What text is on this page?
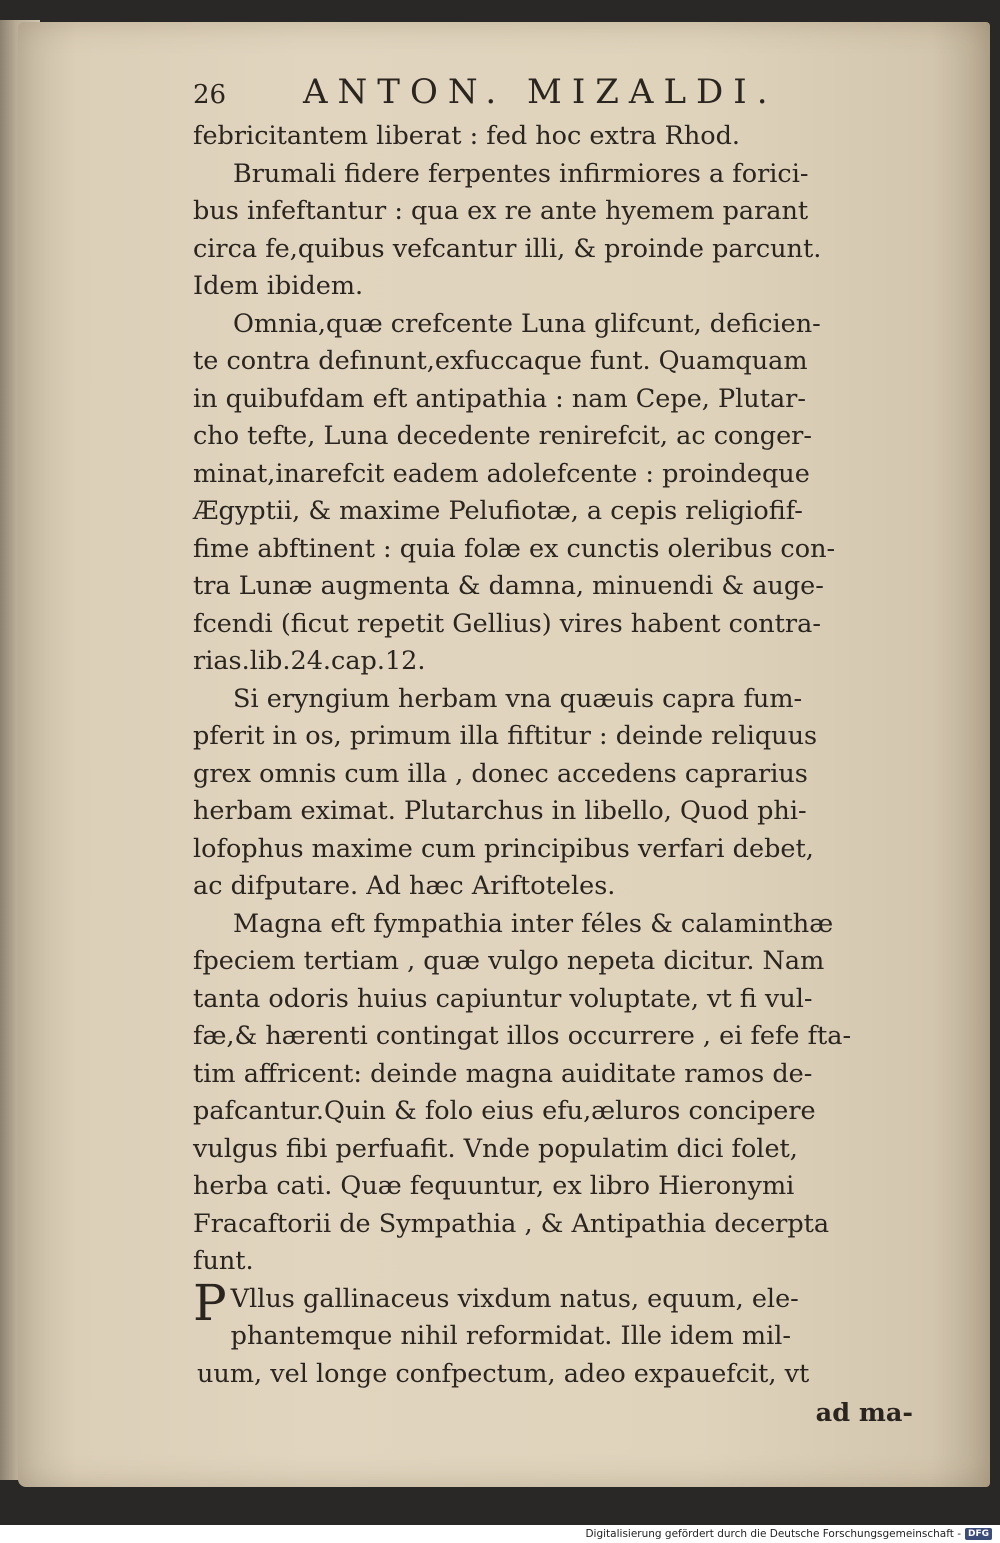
26	ANTON. MIZALDI.

febricitantem liberat : fed hoc extra Rhod.

Brumali fidere ferpentes infirmiores a forici-
bus infeftantur : qua ex re ante hyemem parant
circa fe,quibus vefcantur illi, & proinde parcunt.
Idem ibidem.

Omnia,quæ crefcente Luna glifcunt, deficien-
te contra defınunt,exfuccaque funt. Quamquam
in quibufdam eft antipathia : nam Cepe, Plutar-
cho tefte, Luna decedente renirefcit, ac conger-
minat,inarefcit eadem adolefcente : proindeque
Ægyptii, & maxime Pelufiotæ, a cepis religiofif-
fime abftinent : quia folæ ex cunctis oleribus con-
tra Lunæ augmenta & damna, minuendi & auge-
fcendi (ficut repetit Gellius) vires habent contra-
rias.lib.24.cap.12.

Si eryngium herbam vna quæuis capra fum-
pferit in os, primum illa fiftitur : deinde reliquus
grex omnis cum illa , donec accedens caprarius
herbam eximat. Plutarchus in libello, Quod phi-
lofophus maxime cum principibus verfari debet,
ac difputare. Ad hæc Ariftoteles.

Magna eft fympathia inter féles & calaminthæ
fpeciem tertiam , quæ vulgo nepeta dicitur. Nam
tanta odoris huius capiuntur voluptate, vt fi vul-
fæ,& hærenti contingat illos occurrere , ei fefe fta-
tim affricent: deinde magna auiditate ramos de-
pafcantur.Quin & folo eius efu,æluros concipere
vulgus fibi perfuafit. Vnde populatim dici folet,
herba cati. Quæ fequuntur, ex libro Hieronymi
Fracaftorii de Sympathia , & Antipathia decerpta
funt.

P Vllus gallinaceus vixdum natus, equum, ele-
phantemque nihil reformidat. Ille idem mil-
uum, vel longe confpectum, adeo expauefcit, vt

ad ma-
Digitalisierung gefördert durch die Deutsche Forschungsgemeinschaft - DFG
